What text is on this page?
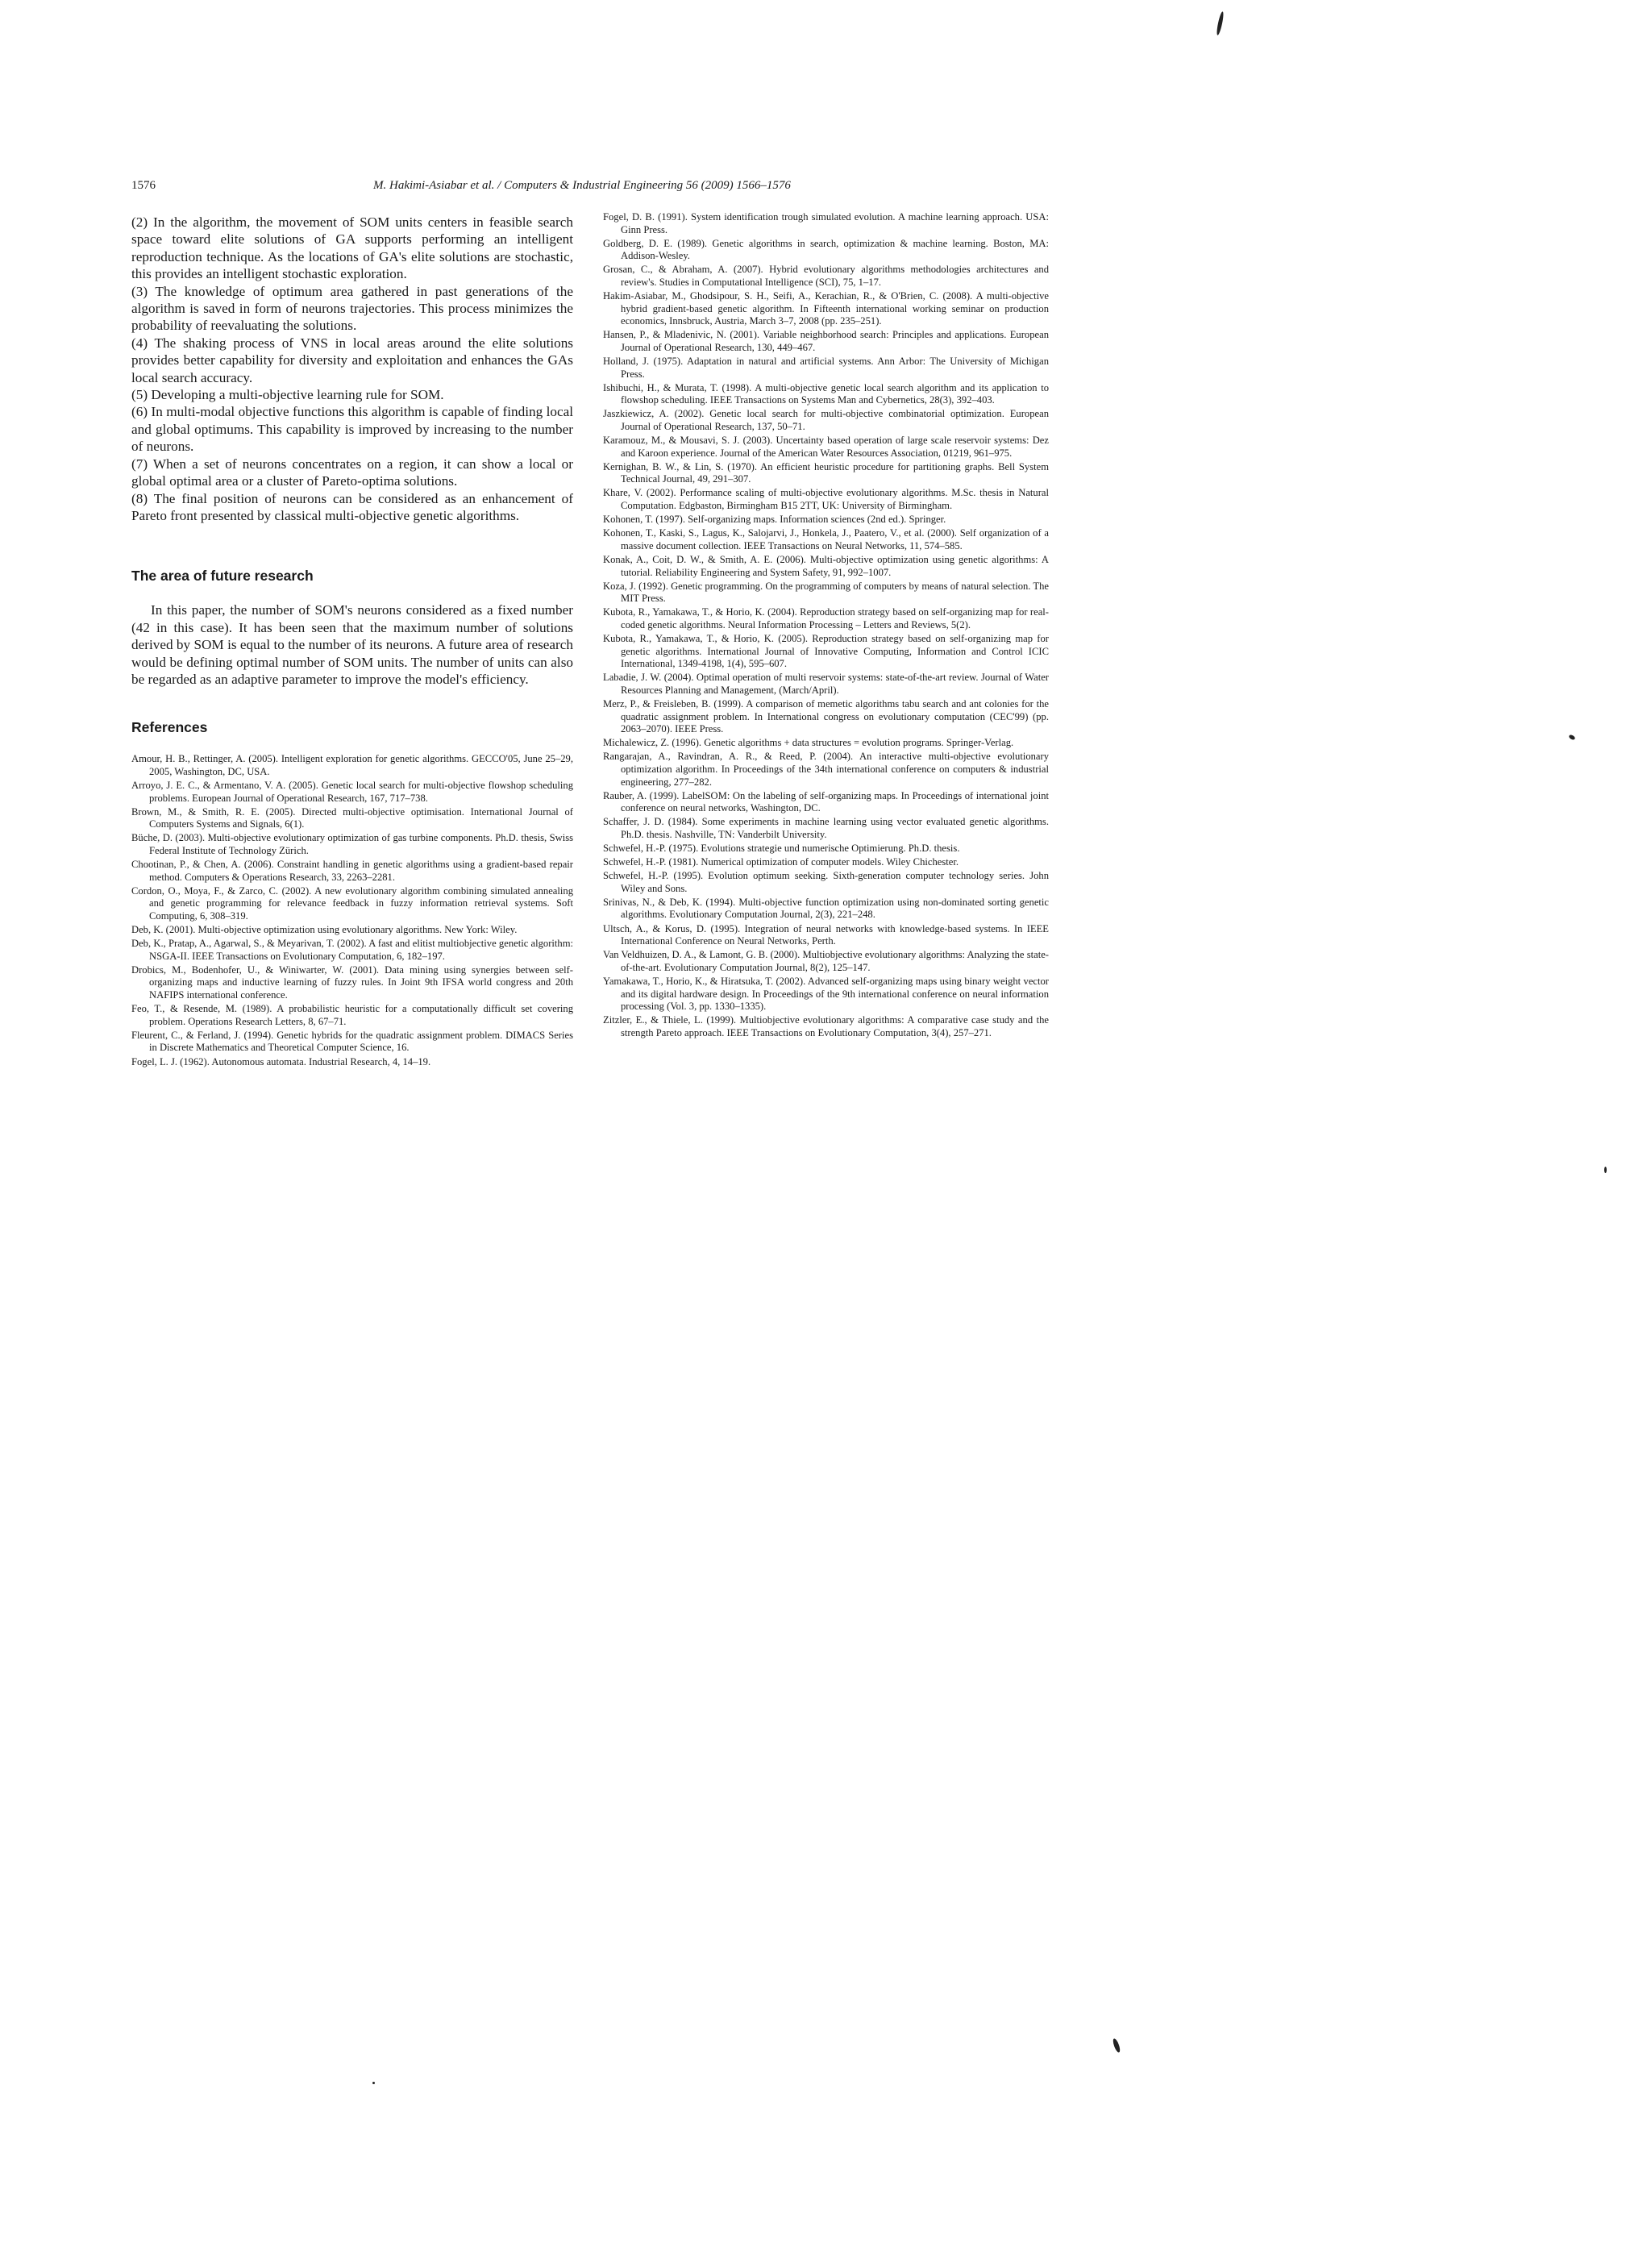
1576	M. Hakimi-Asiabar et al. / Computers & Industrial Engineering 56 (2009) 1566–1576

(2) In the algorithm, the movement of SOM units centers in feasible search space toward elite solutions of GA supports performing an intelligent reproduction technique. As the locations of GA's elite solutions are stochastic, this provides an intelligent stochastic exploration.

(3) The knowledge of optimum area gathered in past generations of the algorithm is saved in form of neurons trajectories. This process minimizes the probability of reevaluating the solutions.

(4) The shaking process of VNS in local areas around the elite solutions provides better capability for diversity and exploitation and enhances the GAs local search accuracy.

(5) Developing a multi-objective learning rule for SOM.

(6) In multi-modal objective functions this algorithm is capable of finding local and global optimums. This capability is improved by increasing to the number of neurons.

(7) When a set of neurons concentrates on a region, it can show a local or global optimal area or a cluster of Pareto-optima solutions.

(8) The final position of neurons can be considered as an enhancement of Pareto front presented by classical multi-objective genetic algorithms.

The area of future research

In this paper, the number of SOM's neurons considered as a fixed number (42 in this case). It has been seen that the maximum number of solutions derived by SOM is equal to the number of its neurons. A future area of research would be defining optimal number of SOM units. The number of units can also be regarded as an adaptive parameter to improve the model's efficiency.

References

Amour, H. B., Rettinger, A. (2005). Intelligent exploration for genetic algorithms. GECCO'05, June 25–29, 2005, Washington, DC, USA.

Arroyo, J. E. C., & Armentano, V. A. (2005). Genetic local search for multi-objective flowshop scheduling problems. European Journal of Operational Research, 167, 717–738.

Brown, M., & Smith, R. E. (2005). Directed multi-objective optimisation. International Journal of Computers Systems and Signals, 6(1).

Büche, D. (2003). Multi-objective evolutionary optimization of gas turbine components. Ph.D. thesis, Swiss Federal Institute of Technology Zürich.

Chootinan, P., & Chen, A. (2006). Constraint handling in genetic algorithms using a gradient-based repair method. Computers & Operations Research, 33, 2263–2281.

Cordon, O., Moya, F., & Zarco, C. (2002). A new evolutionary algorithm combining simulated annealing and genetic programming for relevance feedback in fuzzy information retrieval systems. Soft Computing, 6, 308–319.

Deb, K. (2001). Multi-objective optimization using evolutionary algorithms. New York: Wiley.

Deb, K., Pratap, A., Agarwal, S., & Meyarivan, T. (2002). A fast and elitist multiobjective genetic algorithm: NSGA-II. IEEE Transactions on Evolutionary Computation, 6, 182–197.

Drobics, M., Bodenhofer, U., & Winiwarter, W. (2001). Data mining using synergies between self-organizing maps and inductive learning of fuzzy rules. In Joint 9th IFSA world congress and 20th NAFIPS international conference.

Feo, T., & Resende, M. (1989). A probabilistic heuristic for a computationally difficult set covering problem. Operations Research Letters, 8, 67–71.

Fleurent, C., & Ferland, J. (1994). Genetic hybrids for the quadratic assignment problem. DIMACS Series in Discrete Mathematics and Theoretical Computer Science, 16.

Fogel, L. J. (1962). Autonomous automata. Industrial Research, 4, 14–19.

Fogel, D. B. (1991). System identification trough simulated evolution. A machine learning approach. USA: Ginn Press.

Goldberg, D. E. (1989). Genetic algorithms in search, optimization & machine learning. Boston, MA: Addison-Wesley.

Grosan, C., & Abraham, A. (2007). Hybrid evolutionary algorithms methodologies architectures and review's. Studies in Computational Intelligence (SCI), 75, 1–17.

Hakim-Asiabar, M., Ghodsipour, S. H., Seifi, A., Kerachian, R., & O'Brien, C. (2008). A multi-objective hybrid gradient-based genetic algorithm. In Fifteenth international working seminar on production economics, Innsbruck, Austria, March 3–7, 2008 (pp. 235–251).

Hansen, P., & Mladenivic, N. (2001). Variable neighborhood search: Principles and applications. European Journal of Operational Research, 130, 449–467.

Holland, J. (1975). Adaptation in natural and artificial systems. Ann Arbor: The University of Michigan Press.

Ishibuchi, H., & Murata, T. (1998). A multi-objective genetic local search algorithm and its application to flowshop scheduling. IEEE Transactions on Systems Man and Cybernetics, 28(3), 392–403.

Jaszkiewicz, A. (2002). Genetic local search for multi-objective combinatorial optimization. European Journal of Operational Research, 137, 50–71.

Karamouz, M., & Mousavi, S. J. (2003). Uncertainty based operation of large scale reservoir systems: Dez and Karoon experience. Journal of the American Water Resources Association, 01219, 961–975.

Kernighan, B. W., & Lin, S. (1970). An efficient heuristic procedure for partitioning graphs. Bell System Technical Journal, 49, 291–307.

Khare, V. (2002). Performance scaling of multi-objective evolutionary algorithms. M.Sc. thesis in Natural Computation. Edgbaston, Birmingham B15 2TT, UK: University of Birmingham.

Kohonen, T. (1997). Self-organizing maps. Information sciences (2nd ed.). Springer.

Kohonen, T., Kaski, S., Lagus, K., Salojarvi, J., Honkela, J., Paatero, V., et al. (2000). Self organization of a massive document collection. IEEE Transactions on Neural Networks, 11, 574–585.

Konak, A., Coit, D. W., & Smith, A. E. (2006). Multi-objective optimization using genetic algorithms: A tutorial. Reliability Engineering and System Safety, 91, 992–1007.

Koza, J. (1992). Genetic programming. On the programming of computers by means of natural selection. The MIT Press.

Kubota, R., Yamakawa, T., & Horio, K. (2004). Reproduction strategy based on self-organizing map for real-coded genetic algorithms. Neural Information Processing – Letters and Reviews, 5(2).

Kubota, R., Yamakawa, T., & Horio, K. (2005). Reproduction strategy based on self-organizing map for genetic algorithms. International Journal of Innovative Computing, Information and Control ICIC International, 1349-4198, 1(4), 595–607.

Labadie, J. W. (2004). Optimal operation of multi reservoir systems: state-of-the-art review. Journal of Water Resources Planning and Management, (March/April).

Merz, P., & Freisleben, B. (1999). A comparison of memetic algorithms tabu search and ant colonies for the quadratic assignment problem. In International congress on evolutionary computation (CEC'99) (pp. 2063–2070). IEEE Press.

Michalewicz, Z. (1996). Genetic algorithms + data structures = evolution programs. Springer-Verlag.

Rangarajan, A., Ravindran, A. R., & Reed, P. (2004). An interactive multi-objective evolutionary optimization algorithm. In Proceedings of the 34th international conference on computers & industrial engineering, 277–282.

Rauber, A. (1999). LabelSOM: On the labeling of self-organizing maps. In Proceedings of international joint conference on neural networks, Washington, DC.

Schaffer, J. D. (1984). Some experiments in machine learning using vector evaluated genetic algorithms. Ph.D. thesis. Nashville, TN: Vanderbilt University.

Schwefel, H.-P. (1975). Evolutions strategie und numerische Optimierung. Ph.D. thesis.

Schwefel, H.-P. (1981). Numerical optimization of computer models. Wiley Chichester.

Schwefel, H.-P. (1995). Evolution optimum seeking. Sixth-generation computer technology series. John Wiley and Sons.

Srinivas, N., & Deb, K. (1994). Multi-objective function optimization using non-dominated sorting genetic algorithms. Evolutionary Computation Journal, 2(3), 221–248.

Ultsch, A., & Korus, D. (1995). Integration of neural networks with knowledge-based systems. In IEEE International Conference on Neural Networks, Perth.

Van Veldhuizen, D. A., & Lamont, G. B. (2000). Multiobjective evolutionary algorithms: Analyzing the state-of-the-art. Evolutionary Computation Journal, 8(2), 125–147.

Yamakawa, T., Horio, K., & Hiratsuka, T. (2002). Advanced self-organizing maps using binary weight vector and its digital hardware design. In Proceedings of the 9th international conference on neural information processing (Vol. 3, pp. 1330–1335).

Zitzler, E., & Thiele, L. (1999). Multiobjective evolutionary algorithms: A comparative case study and the strength Pareto approach. IEEE Transactions on Evolutionary Computation, 3(4), 257–271.
